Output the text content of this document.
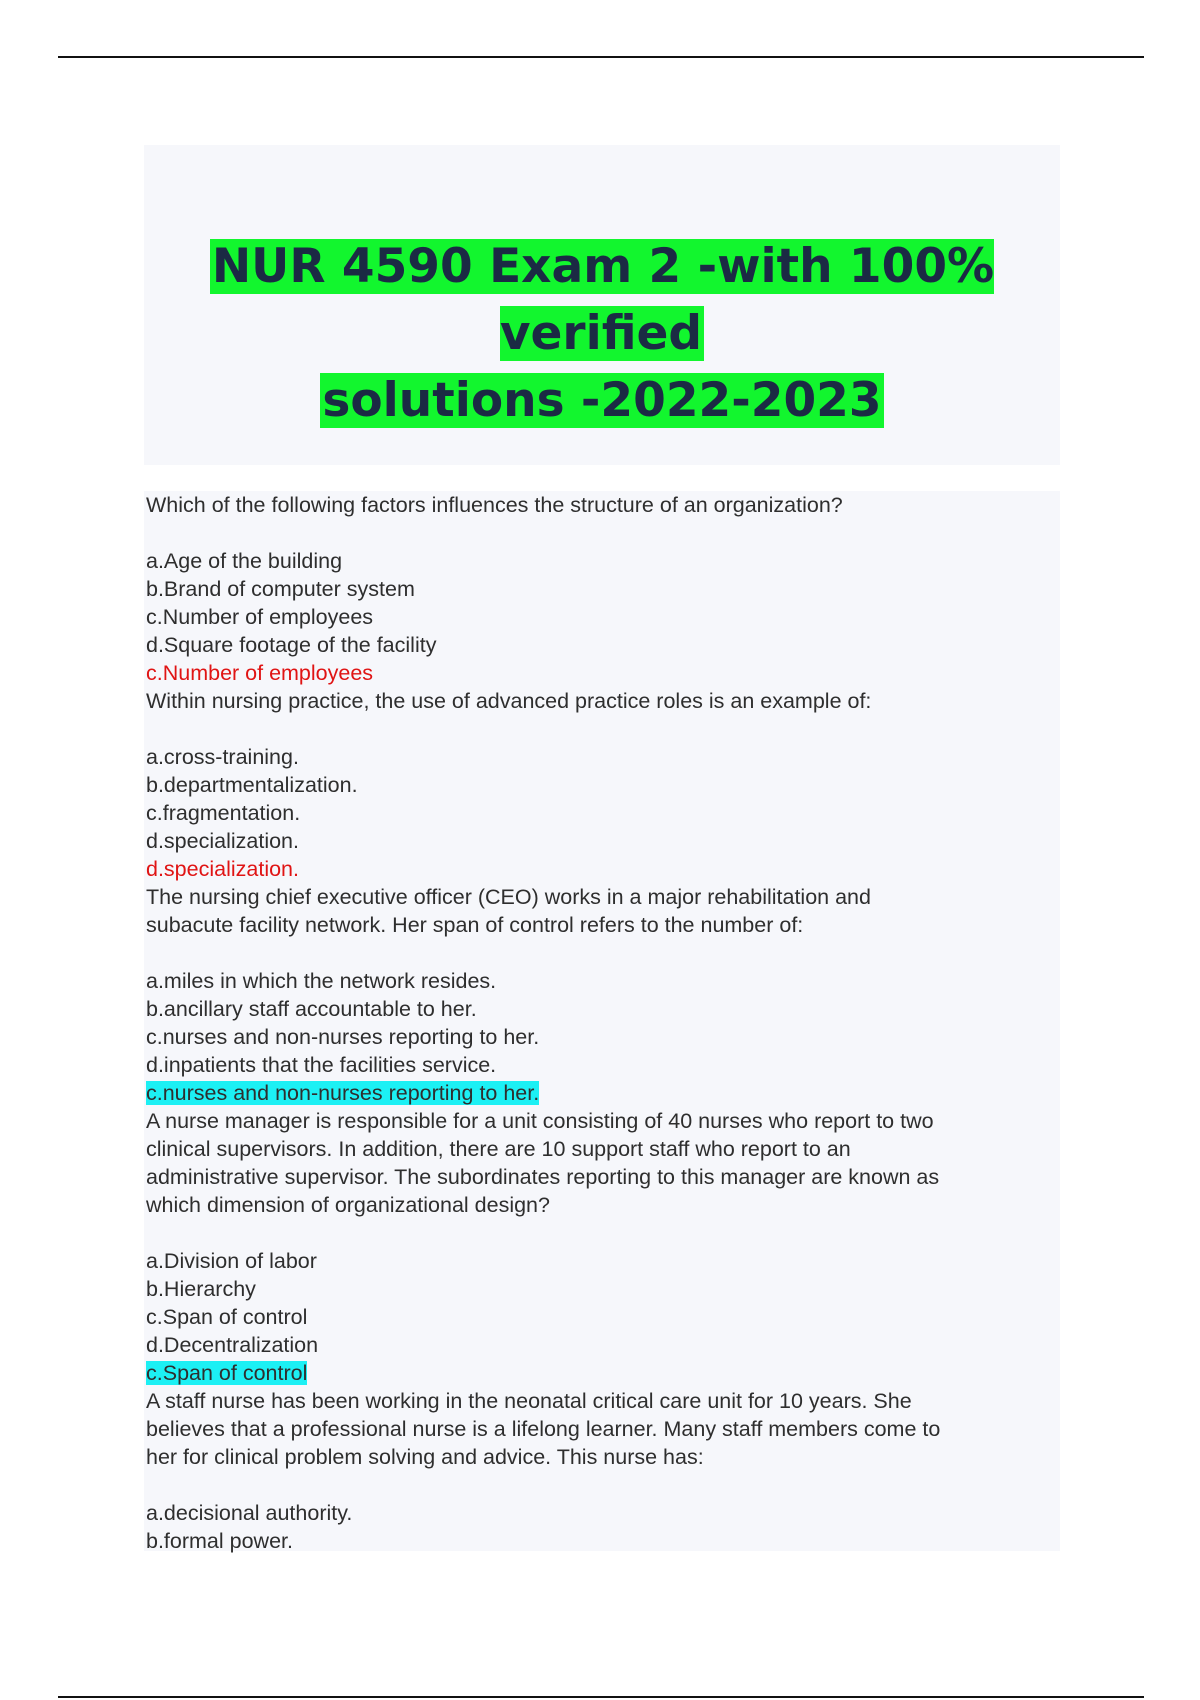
NUR 4590 Exam 2 -with 100% verified
solutions -2022-2023
Which of the following factors influences the structure of an organization?
a.Age of the building
b.Brand of computer system
c.Number of employees
d.Square footage of the facility
c.Number of employees
Within nursing practice, the use of advanced practice roles is an example of:
a.cross-training.
b.departmentalization.
c.fragmentation.
d.specialization.
d.specialization.
The nursing chief executive officer (CEO) works in a major rehabilitation and
subacute facility network. Her span of control refers to the number of:
a.miles in which the network resides.
b.ancillary staff accountable to her.
c.nurses and non-nurses reporting to her.
d.inpatients that the facilities service.
c.nurses and non-nurses reporting to her.
A nurse manager is responsible for a unit consisting of 40 nurses who report to two
clinical supervisors. In addition, there are 10 support staff who report to an
administrative supervisor. The subordinates reporting to this manager are known as
which dimension of organizational design?
a.Division of labor
b.Hierarchy
c.Span of control
d.Decentralization
c.Span of control
A staff nurse has been working in the neonatal critical care unit for 10 years. She
believes that a professional nurse is a lifelong learner. Many staff members come to
her for clinical problem solving and advice. This nurse has:
a.decisional authority.
b.formal power.
